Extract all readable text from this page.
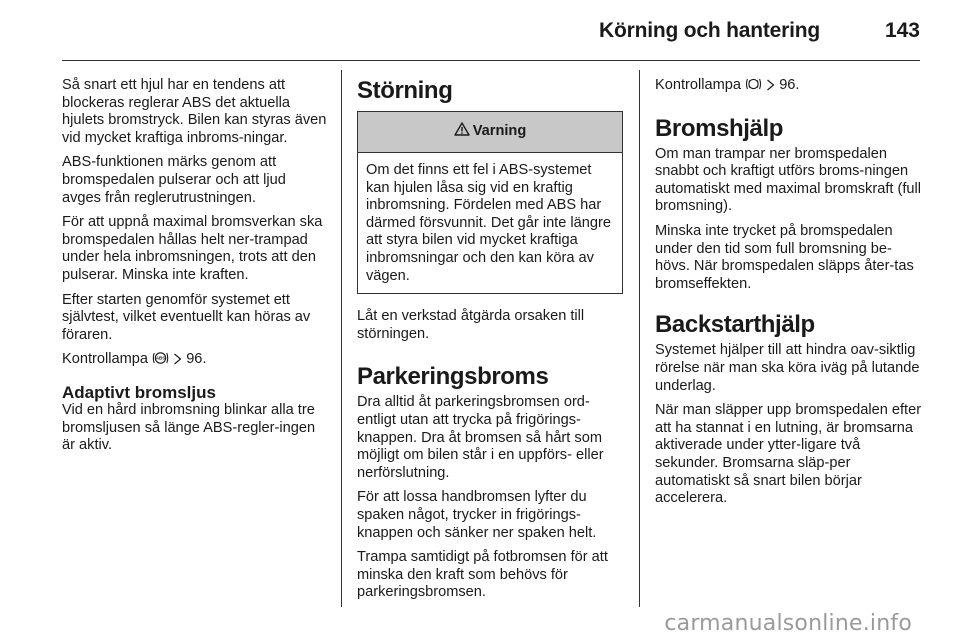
Körning och hantering	143

Så snart ett hjul har en tendens att blockeras reglerar ABS det aktuella hjulets bromstryck. Bilen kan styras även vid mycket kraftiga inbroms-ningar.

ABS-funktionen märks genom att bromspedalen pulserar och att ljud avges från reglerutrustningen.

För att uppnå maximal bromsverkan ska bromspedalen hållas helt ner-trampad under hela inbromsningen, trots att den pulserar. Minska inte kraften.

Efter starten genomför systemet ett självtest, vilket eventuellt kan höras av föraren.

Kontrollampa ABS 96.

Adaptivt bromsljus

Vid en hård inbromsning blinkar alla tre bromsljusen så länge ABS-regler-ingen är aktiv.

Störning
Varning
Om det finns ett fel i ABS-systemet kan hjulen låsa sig vid en kraftig inbromsning. Fördelen med ABS har därmed försvunnit. Det går inte längre att styra bilen vid mycket kraftiga inbromsningar och den kan köra av vägen.

Låt en verkstad åtgärda orsaken till störningen.

Parkeringsbroms

Dra alltid åt parkeringsbromsen ord-entligt utan att trycka på frigörings-knappen. Dra åt bromsen så hårt som möjligt om bilen står i en uppförs- eller nerförslutning.

För att lossa handbromsen lyfter du spaken något, trycker in frigörings-knappen och sänker ner spaken helt.

Trampa samtidigt på fotbromsen för att minska den kraft som behövs för parkeringsbromsen.

Kontrollampa	96.

Bromshjälp

Om man trampar ner bromspedalen snabbt och kraftigt utförs broms-ningen automatiskt med maximal bromskraft (full bromsning).

Minska inte trycket på bromspedalen under den tid som full bromsning be-hövs. När bromspedalen släpps åter-tas bromseffekten.

Backstarthjälp

Systemet hjälper till att hindra oav-siktlig rörelse när man ska köra iväg på lutande underlag.

När man släpper upp bromspedalen efter att ha stannat i en lutning, är bromsarna aktiverade under ytter-ligare två sekunder. Bromsarna släp-per automatiskt så snart bilen börjar accelerera.

carmanualsonline.info
